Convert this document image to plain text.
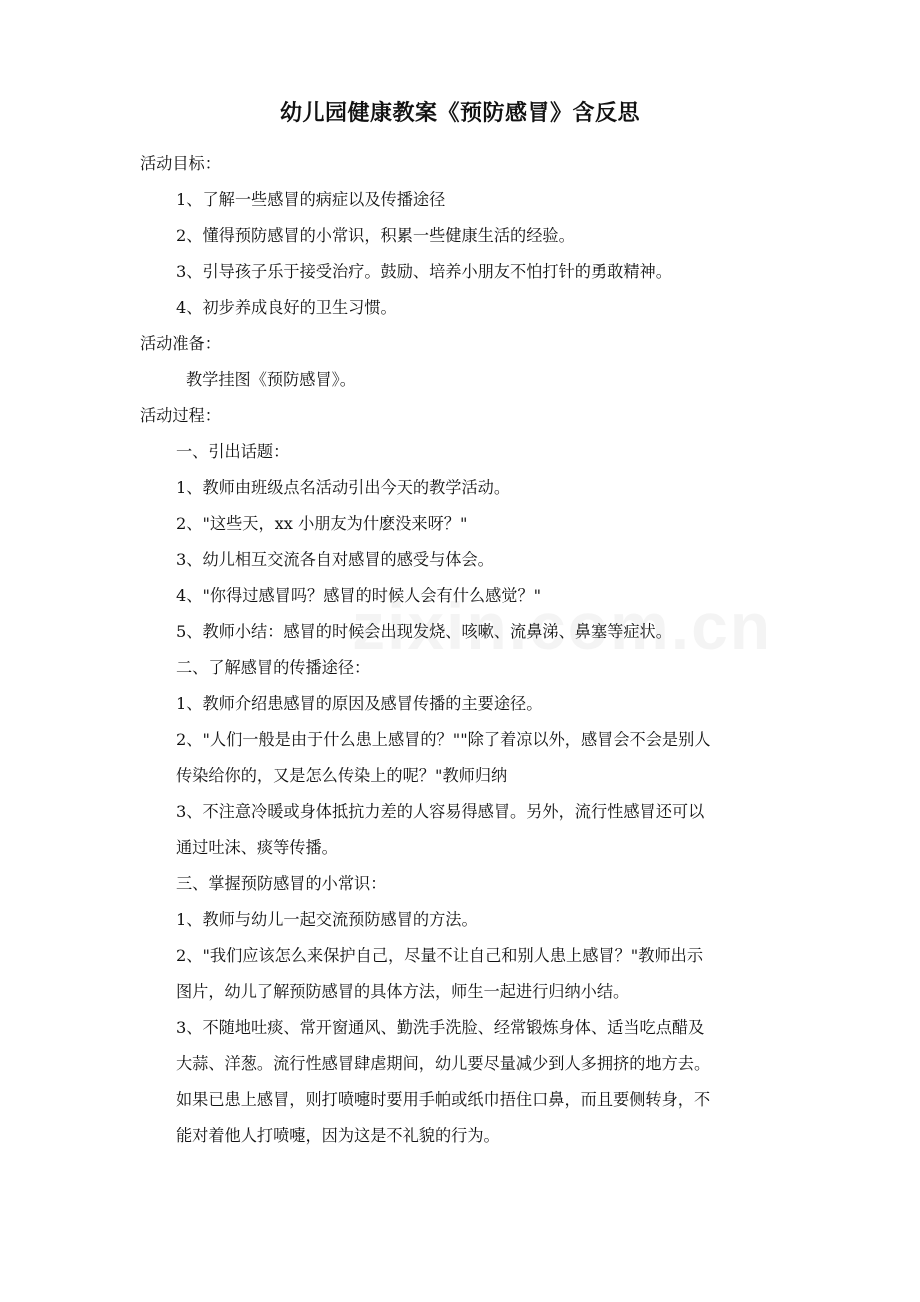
幼儿园健康教案《预防感冒》含反思
活动目标：
1、了解一些感冒的病症以及传播途径
2、懂得预防感冒的小常识，积累一些健康生活的经验。
3、引导孩子乐于接受治疗。鼓励、培养小朋友不怕打针的勇敢精神。
4、初步养成良好的卫生习惯。
活动准备：
教学挂图《预防感冒》。
活动过程：
一、引出话题：
1、教师由班级点名活动引出今天的教学活动。
2、"这些天，xx 小朋友为什麽没来呀？"
3、幼儿相互交流各自对感冒的感受与体会。
4、"你得过感冒吗？感冒的时候人会有什么感觉？"
5、教师小结：感冒的时候会出现发烧、咳嗽、流鼻涕、鼻塞等症状。
二、了解感冒的传播途径：
1、教师介绍患感冒的原因及感冒传播的主要途径。
2、"人们一般是由于什么患上感冒的？""除了着凉以外，感冒会不会是别人
传染给你的，又是怎么传染上的呢？"教师归纳
3、不注意冷暖或身体抵抗力差的人容易得感冒。另外，流行性感冒还可以
通过吐沫、痰等传播。
三、掌握预防感冒的小常识：
1、教师与幼儿一起交流预防感冒的方法。
2、"我们应该怎么来保护自己，尽量不让自己和别人患上感冒？"教师出示
图片，幼儿了解预防感冒的具体方法，师生一起进行归纳小结。
3、不随地吐痰、常开窗通风、勤洗手洗脸、经常锻炼身体、适当吃点醋及
大蒜、洋葱。流行性感冒肆虐期间，幼儿要尽量减少到人多拥挤的地方去。
如果已患上感冒，则打喷嚏时要用手帕或纸巾捂住口鼻，而且要侧转身，不
能对着他人打喷嚏，因为这是不礼貌的行为。
